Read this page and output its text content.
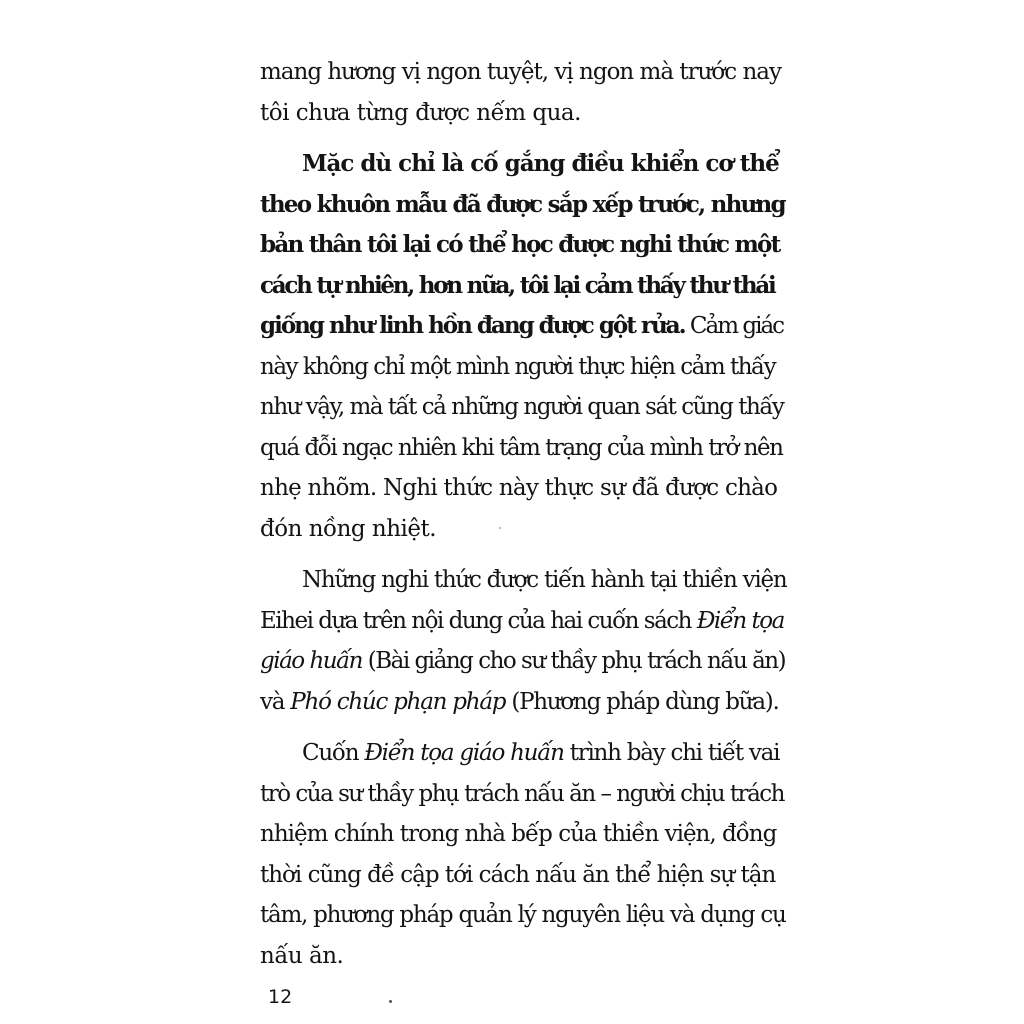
mang hương vị ngon tuyệt, vị ngon mà trước nay
tôi chưa từng được nếm qua.

Mặc dù chỉ là cố gắng điều khiển cơ thể
theo khuôn mẫu đã được sắp xếp trước, nhưng
bản thân tôi lại có thể học được nghi thức một
cách tự nhiên, hơn nữa, tôi lại cảm thấy thư thái
giống như linh hồn đang được gột rửa. Cảm giác
này không chỉ một mình người thực hiện cảm thấy
như vậy, mà tất cả những người quan sát cũng thấy
quá đỗi ngạc nhiên khi tâm trạng của mình trở nên
nhẹ nhõm. Nghi thức này thực sự đã được chào
đón nồng nhiệt.

Những nghi thức được tiến hành tại thiền viện
Eihei dựa trên nội dung của hai cuốn sách Điển tọa
giáo huấn (Bài giảng cho sư thầy phụ trách nấu ăn)
và Phó chúc phạn pháp (Phương pháp dùng bữa).

Cuốn Điển tọa giáo huấn trình bày chi tiết vai
trò của sư thầy phụ trách nấu ăn – người chịu trách
nhiệm chính trong nhà bếp của thiền viện, đồng
thời cũng đề cập tới cách nấu ăn thể hiện sự tận
tâm, phương pháp quản lý nguyên liệu và dụng cụ
nấu ăn.

12
